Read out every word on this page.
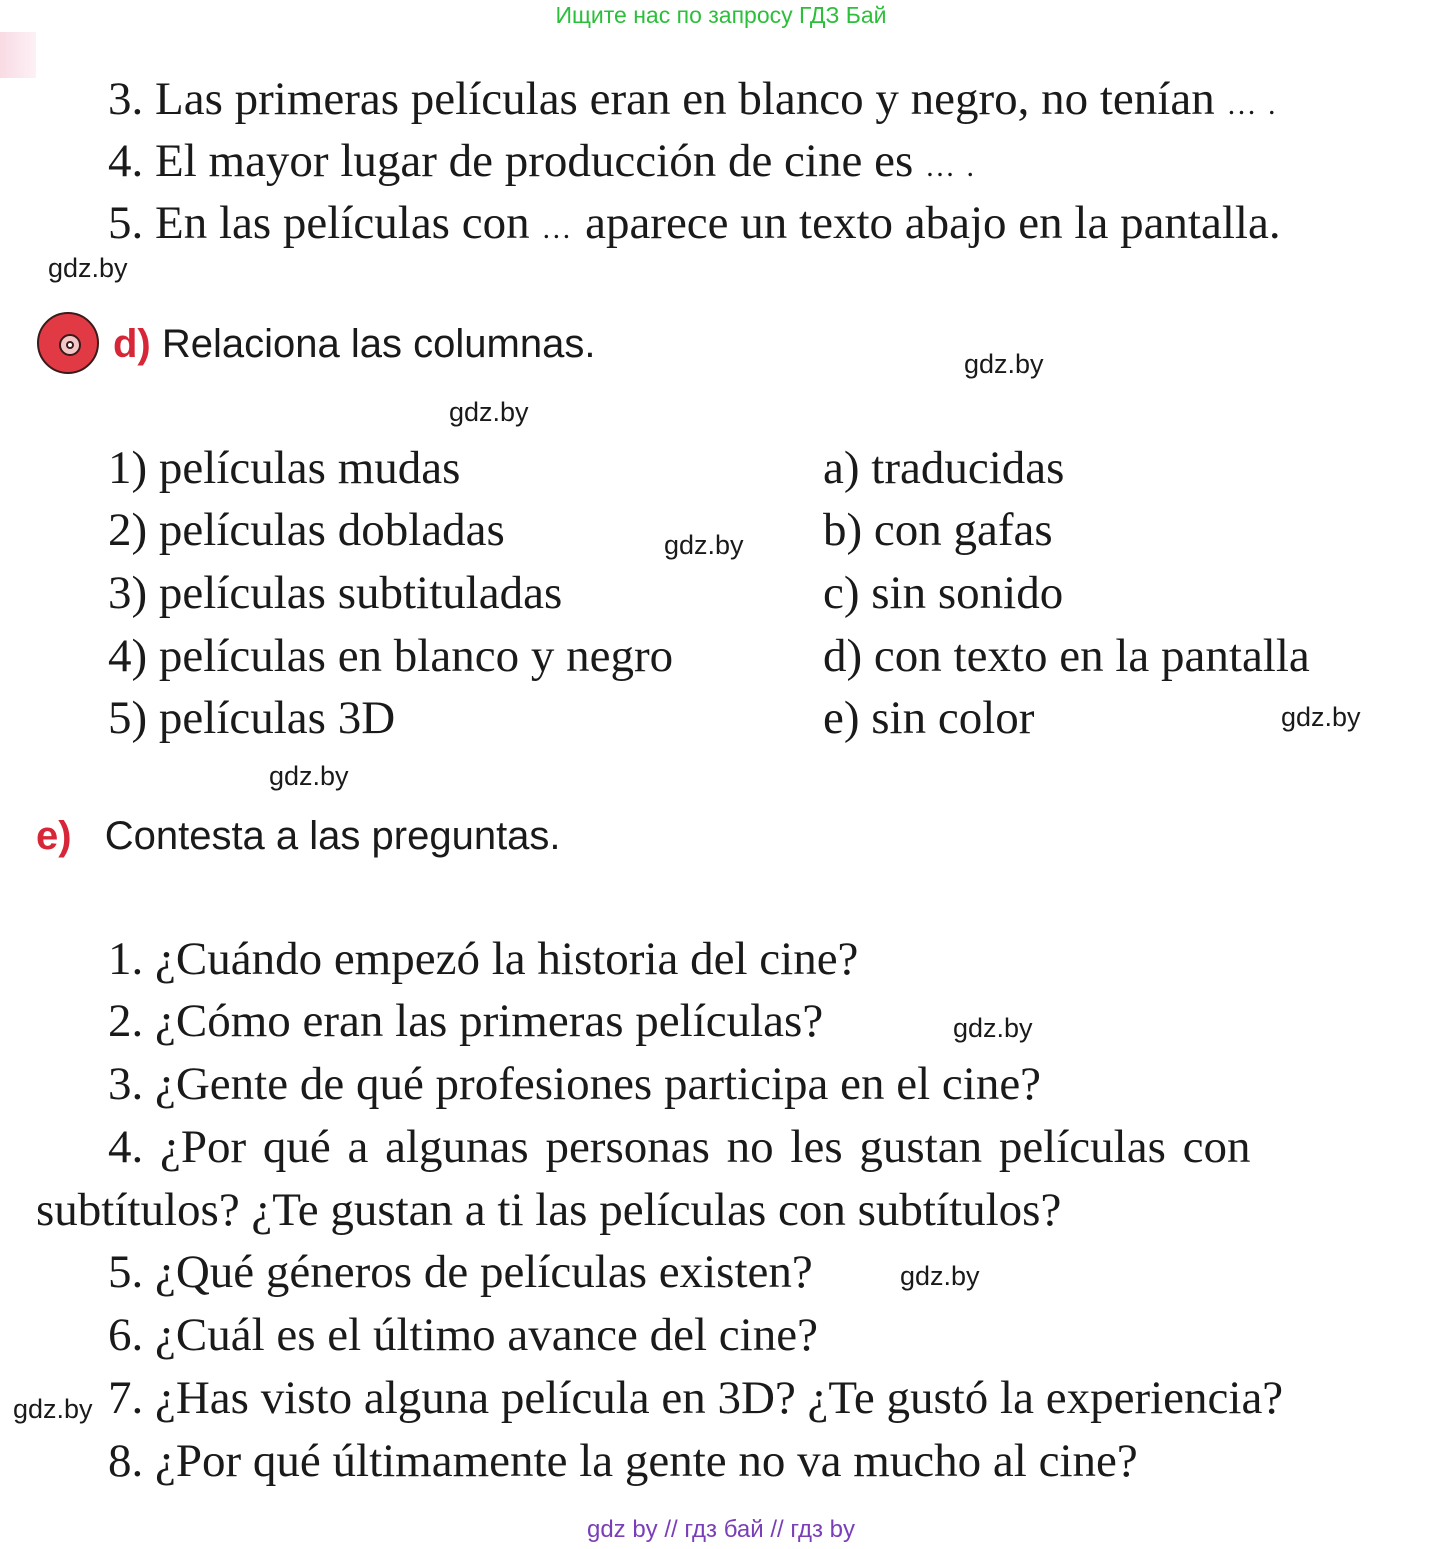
Ищите нас по запросу ГДЗ Бай
3. Las primeras películas eran en blanco y negro, no tenían … .
4. El mayor lugar de producción de cine es … .
5. En las películas con … aparece un texto abajo en la pantalla.
gdz.by
gdz.by
gdz.by
gdz.by
gdz.by
gdz.by
gdz.by
gdz.by
gdz.by
d) Relaciona las columnas.
1) películas mudas
2) películas dobladas
3) películas subtituladas
4) películas en blanco y negro
5) películas 3D
a) traducidas
b) con gafas
c) sin sonido
d) con texto en la pantalla
e) sin color
e) Contesta a las preguntas.
1. ¿Cuándo empezó la historia del cine?
2. ¿Cómo eran las primeras películas?
3. ¿Gente de qué profesiones participa en el cine?
4. ¿Por qué a algunas personas no les gustan películas con
subtítulos? ¿Te gustan a ti las películas con subtítulos?
5. ¿Qué géneros de películas existen?
6. ¿Cuál es el último avance del cine?
7. ¿Has visto alguna película en 3D? ¿Te gustó la experiencia?
8. ¿Por qué últimamente la gente no va mucho al cine?
gdz by // гдз бай // гдз by
